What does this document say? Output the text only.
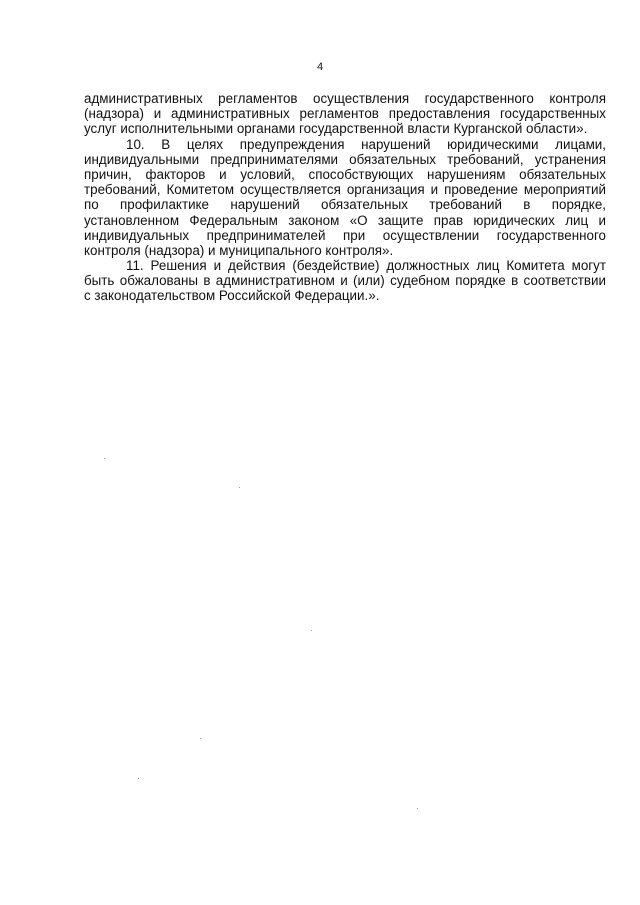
4

административных регламентов осуществления государственного контроля
(надзора) и административных регламентов предоставления государственных
услуг исполнительными органами государственной власти Курганской области».

10. В целях предупреждения нарушений юридическими лицами,
индивидуальными предпринимателями обязательных требований, устранения
причин, факторов и условий, способствующих нарушениям обязательных
требований, Комитетом осуществляется организация и проведение мероприятий
по профилактике нарушений обязательных требований в порядке,
установленном Федеральным законом «О защите прав юридических лиц и
индивидуальных предпринимателей при осуществлении государственного
контроля (надзора) и муниципального контроля».

11. Решения и действия (бездействие) должностных лиц Комитета могут
быть обжалованы в административном и (или) судебном порядке в соответствии
с законодательством Российской Федерации.».
